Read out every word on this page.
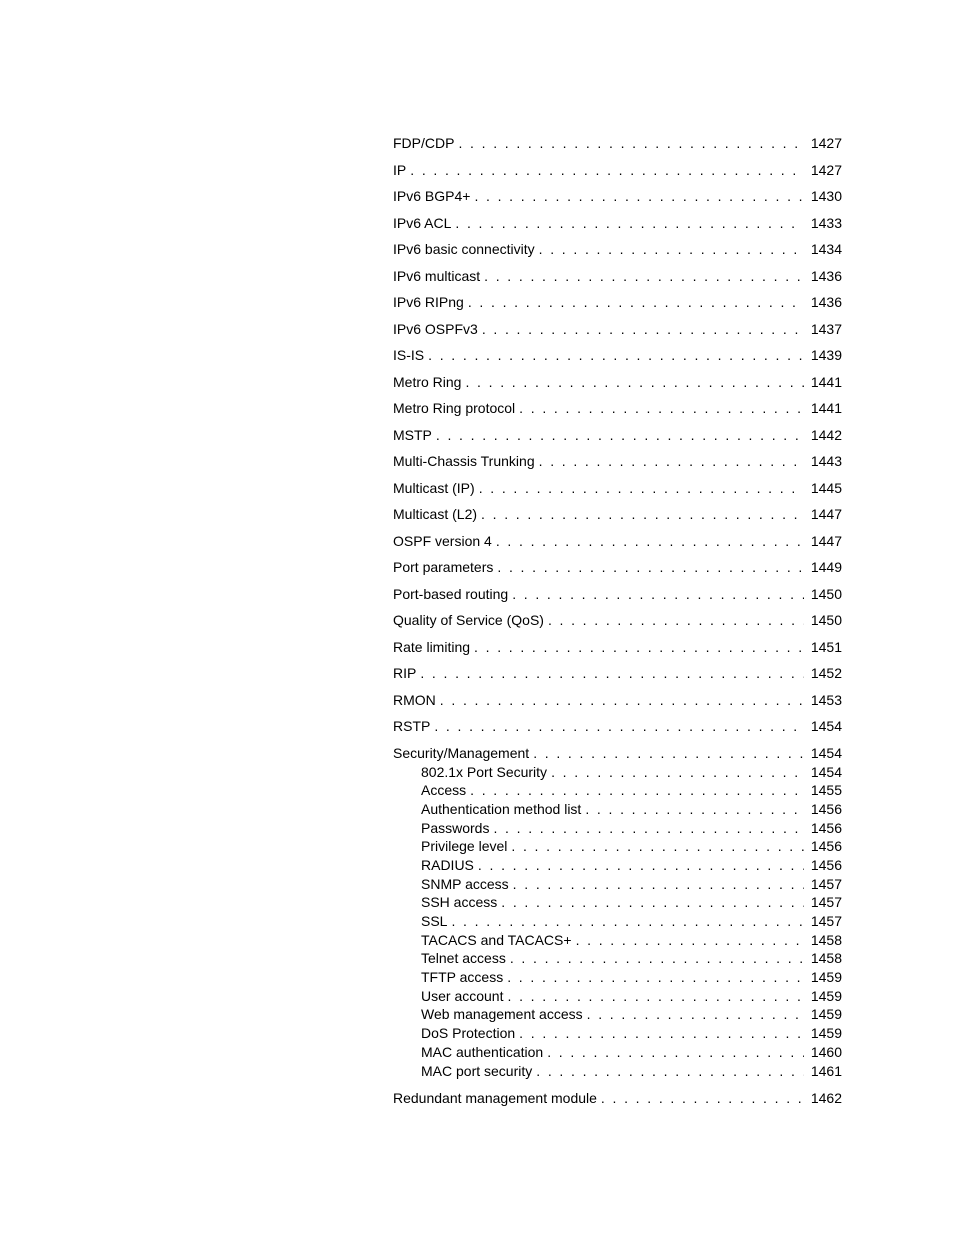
FDP/CDP . . .	1427
IP . . .	1427
IPv6 BGP4+ . . .	1430
IPv6 ACL . . .	1433
IPv6 basic connectivity . . .	1434
IPv6 multicast . . .	1436
IPv6 RIPng . . .	1436
IPv6 OSPFv3 . . .	1437
IS-IS . . .	1439
Metro Ring . . .	1441
Metro Ring protocol . . .	1441
MSTP . . .	1442
Multi-Chassis Trunking . . .	1443
Multicast (IP) . . .	1445
Multicast (L2) . . .	1447
OSPF version 4 . . .	1447
Port parameters . . .	1449
Port-based routing . . .	1450
Quality of Service (QoS) . . .	1450
Rate limiting . . .	1451
RIP . . .	1452
RMON . . .	1453
RSTP . . .	1454
Security/Management . . .	1454
802.1x Port Security . . .	1454
Access . . .	1455
Authentication method list . . .	1456
Passwords . . .	1456
Privilege level . . .	1456
RADIUS . . .	1456
SNMP access . . .	1457
SSH access . . .	1457
SSL . . .	1457
TACACS and TACACS+ . . .	1458
Telnet access . . .	1458
TFTP access . . .	1459
User account . . .	1459
Web management access . . .	1459
DoS Protection . . .	1459
MAC authentication . . .	1460
MAC port security . . .	1461
Redundant management module . . .	1462
